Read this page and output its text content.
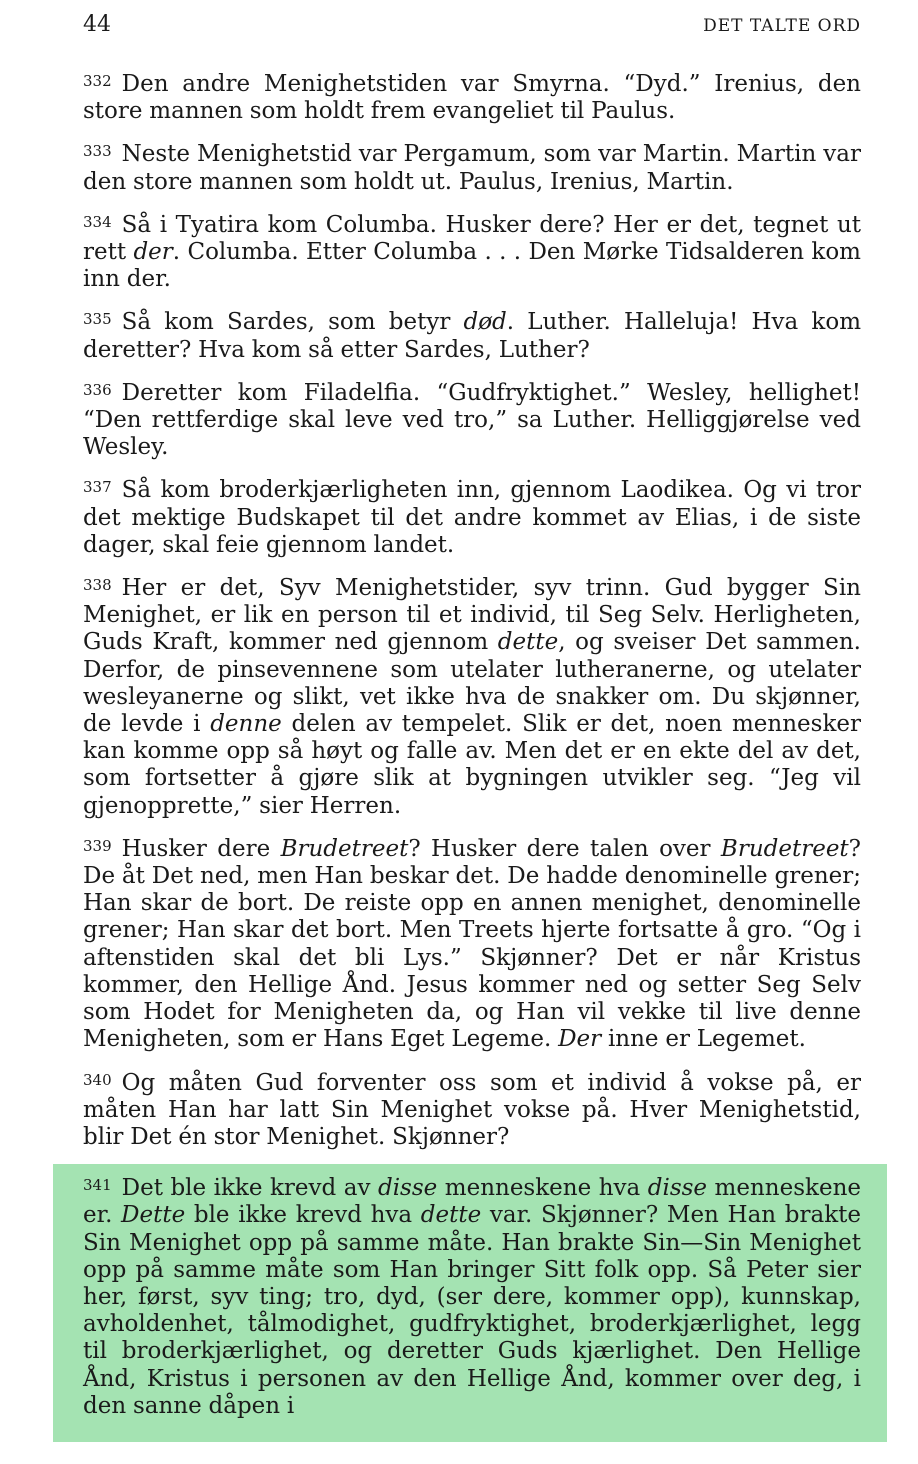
44	DET TALTE ORD

$^{332}$ Den andre Menighetstiden var Smyrna. “Dyd.” Irenius, den store mannen som holdt frem evangeliet til Paulus.

$^{333}$ Neste Menighetstid var Pergamum, som var Martin. Martin var den store mannen som holdt ut. Paulus, Irenius, Martin.

$^{334}$ Så i Tyatira kom Columba. Husker dere? Her er det, tegnet ut rett der. Columba. Etter Columba . . . Den Mørke Tidsalderen kom inn der.

$^{335}$ Så kom Sardes, som betyr død. Luther. Halleluja! Hva kom deretter? Hva kom så etter Sardes, Luther?

$^{336}$ Deretter kom Filadelfia. “Gudfryktighet.” Wesley, hellighet! “Den rettferdige skal leve ved tro,” sa Luther. Helliggjørelse ved Wesley.

$^{337}$ Så kom broderkjærligheten inn, gjennom Laodikea. Og vi tror det mektige Budskapet til det andre kommet av Elias, i de siste dager, skal feie gjennom landet.

$^{338}$ Her er det, Syv Menighetstider, syv trinn. Gud bygger Sin Menighet, er lik en person til et individ, til Seg Selv. Herligheten, Guds Kraft, kommer ned gjennom dette, og sveiser Det sammen. Derfor, de pinsevennene som utelater lutheranerne, og utelater wesleyanerne og slikt, vet ikke hva de snakker om. Du skjønner, de levde i denne delen av tempelet. Slik er det, noen mennesker kan komme opp så høyt og falle av. Men det er en ekte del av det, som fortsetter å gjøre slik at bygningen utvikler seg. “Jeg vil gjenopprette,” sier Herren.

$^{339}$ Husker dere Brudetreet? Husker dere talen over Brudetreet? De åt Det ned, men Han beskar det. De hadde denominelle grener; Han skar de bort. De reiste opp en annen menighet, denominelle grener; Han skar det bort. Men Treets hjerte fortsatte å gro. “Og i aftenstiden skal det bli Lys.” Skjønner? Det er når Kristus kommer, den Hellige Ånd. Jesus kommer ned og setter Seg Selv som Hodet for Menigheten da, og Han vil vekke til live denne Menigheten, som er Hans Eget Legeme. Der inne er Legemet.

$^{340}$ Og måten Gud forventer oss som et individ å vokse på, er måten Han har latt Sin Menighet vokse på. Hver Menighetstid, blir Det én stor Menighet. Skjønner?

$^{341}$ Det ble ikke krevd av disse menneskene hva disse menneskene er. Dette ble ikke krevd hva dette var. Skjønner? Men Han brakte Sin Menighet opp på samme måte. Han brakte Sin—Sin Menighet opp på samme måte som Han bringer Sitt folk opp. Så Peter sier her, først, syv ting; tro, dyd, (ser dere, kommer opp), kunnskap, avholdenhet, tålmodighet, gudfryktighet, broderkjærlighet, legg til broderkjærlighet, og deretter Guds kjærlighet. Den Hellige Ånd, Kristus i personen av den Hellige Ånd, kommer over deg, i den sanne dåpen i
